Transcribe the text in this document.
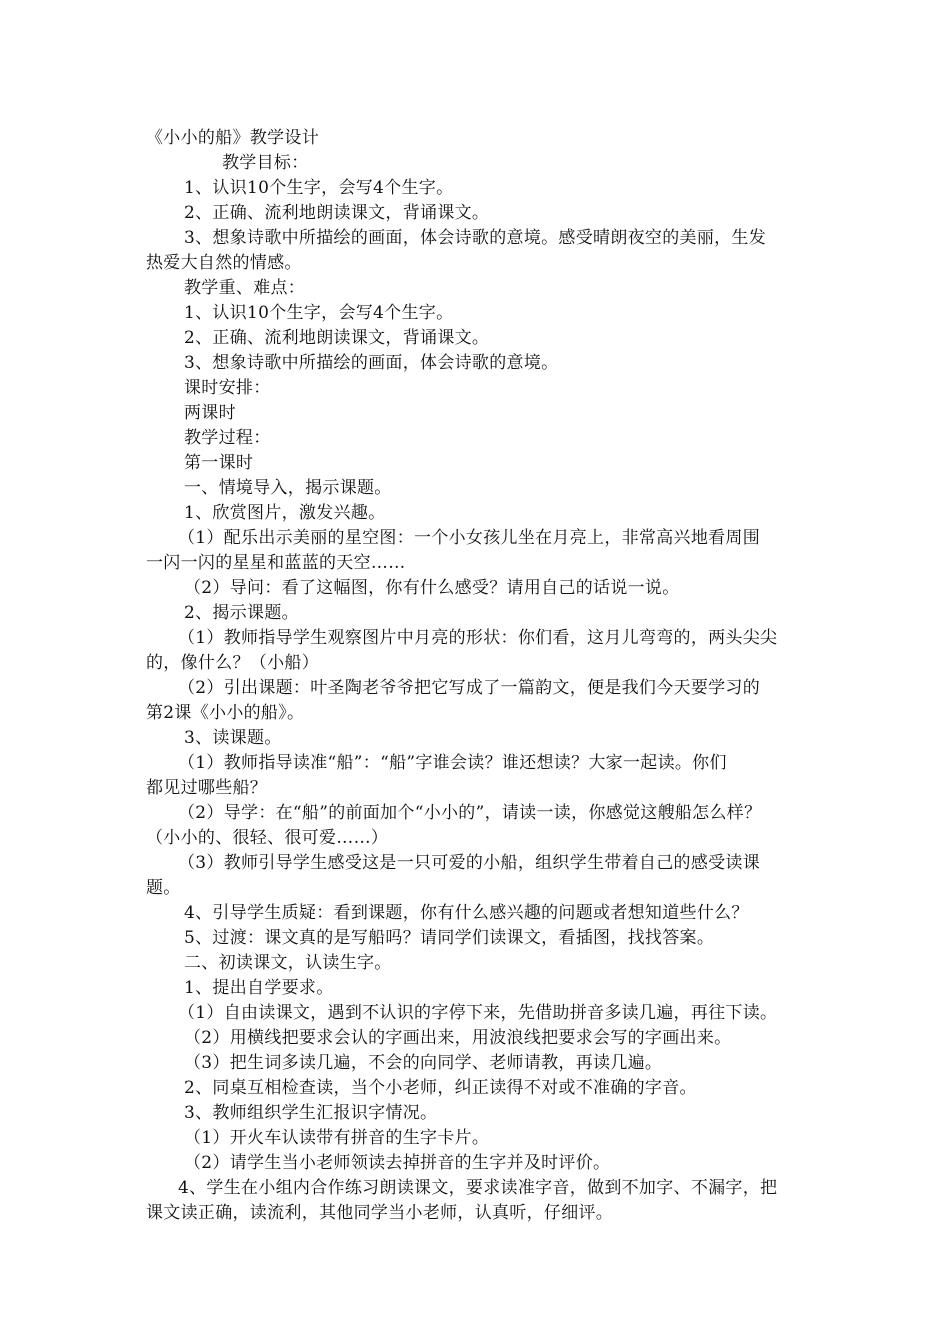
《小小的船》教学设计
教学目标：
1、认识10个生字，会写4个生字。
2、正确、流利地朗读课文，背诵课文。
3、想象诗歌中所描绘的画面，体会诗歌的意境。感受晴朗夜空的美丽，生发
热爱大自然的情感。
教学重、难点：
1、认识10个生字，会写4个生字。
2、正确、流利地朗读课文，背诵课文。
3、想象诗歌中所描绘的画面，体会诗歌的意境。
课时安排：
两课时
教学过程：
第一课时
一、情境导入，揭示课题。
1、欣赏图片，激发兴趣。
（1）配乐出示美丽的星空图：一个小女孩儿坐在月亮上，非常高兴地看周围
一闪一闪的星星和蓝蓝的天空……
（2）导问：看了这幅图，你有什么感受？请用自己的话说一说。
2、揭示课题。
（1）教师指导学生观察图片中月亮的形状：你们看，这月儿弯弯的，两头尖尖
的，像什么？（小船）
（2）引出课题：叶圣陶老爷爷把它写成了一篇韵文，便是我们今天要学习的
第2课《小小的船》。
3、读课题。
（1）教师指导读准“船”：“船”字谁会读？谁还想读？大家一起读。你们
都见过哪些船？
（2）导学：在“船”的前面加个“小小的”，请读一读，你感觉这艘船怎么样？
（小小的、很轻、很可爱……）
（3）教师引导学生感受这是一只可爱的小船，组织学生带着自己的感受读课
题。
4、引导学生质疑：看到课题，你有什么感兴趣的问题或者想知道些什么？
5、过渡：课文真的是写船吗？请同学们读课文，看插图，找找答案。
二、初读课文，认读生字。
1、提出自学要求。
（1）自由读课文，遇到不认识的字停下来，先借助拼音多读几遍，再往下读。
（2）用横线把要求会认的字画出来，用波浪线把要求会写的字画出来。
（3）把生词多读几遍，不会的向同学、老师请教，再读几遍。
2、同桌互相检查读，当个小老师，纠正读得不对或不准确的字音。
3、教师组织学生汇报识字情况。
（1）开火车认读带有拼音的生字卡片。
（2）请学生当小老师领读去掉拼音的生字并及时评价。
4、学生在小组内合作练习朗读课文，要求读准字音，做到不加字、不漏字，把
课文读正确，读流利，其他同学当小老师，认真听，仔细评。
